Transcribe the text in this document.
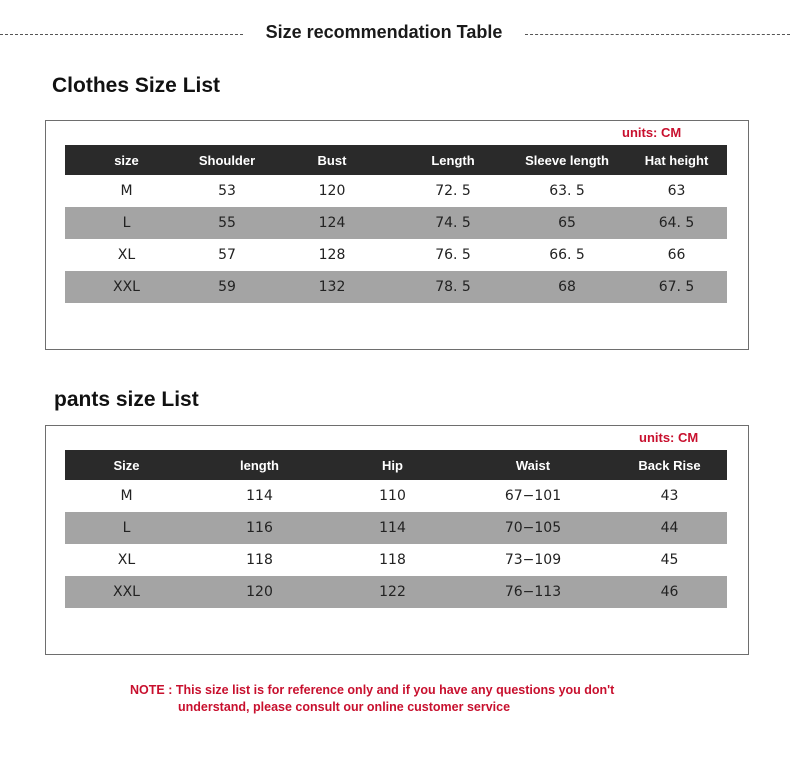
Size recommendation Table
Clothes Size List
units: CM
size	Shoulder	Bust	Length	Sleeve length	Hat height
M	53	120	72. 5	63. 5	63
L	55	124	74. 5	65	64. 5
XL	57	128	76. 5	66. 5	66
XXL	59	132	78. 5	68	67. 5
pants size List
units: CM
Size	length	Hip	Waist	Back Rise
M	114	110	67−101	43
L	116	114	70−105	44
XL	118	118	73−109	45
XXL	120	122	76−113	46
NOTE : This size list is for reference only and if you have any questions you don't
understand, please consult our online customer service
